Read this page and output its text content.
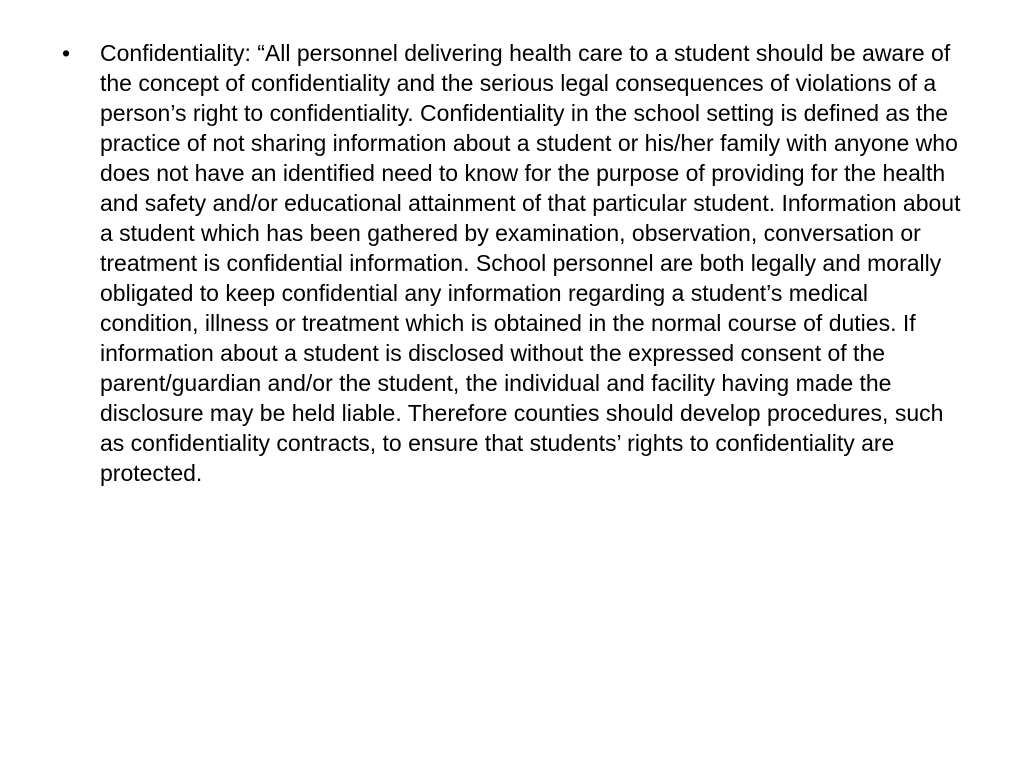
• Confidentiality: “All personnel delivering health care to a student should be aware of the concept of confidentiality and the serious legal consequences of violations of a person’s right to confidentiality. Confidentiality in the school setting is defined as the practice of not sharing information about a student or his/her family with anyone who does not have an identified need to know for the purpose of providing for the health and safety and/or educational attainment of that particular student. Information about a student which has been gathered by examination, observation, conversation or treatment is confidential information. School personnel are both legally and morally obligated to keep confidential any information regarding a student’s medical condition, illness or treatment which is obtained in the normal course of duties. If information about a student is disclosed without the expressed consent of the parent/guardian and/or the student, the individual and facility having made the disclosure may be held liable. Therefore counties should develop procedures, such as confidentiality contracts, to ensure that students’ rights to confidentiality are protected.
